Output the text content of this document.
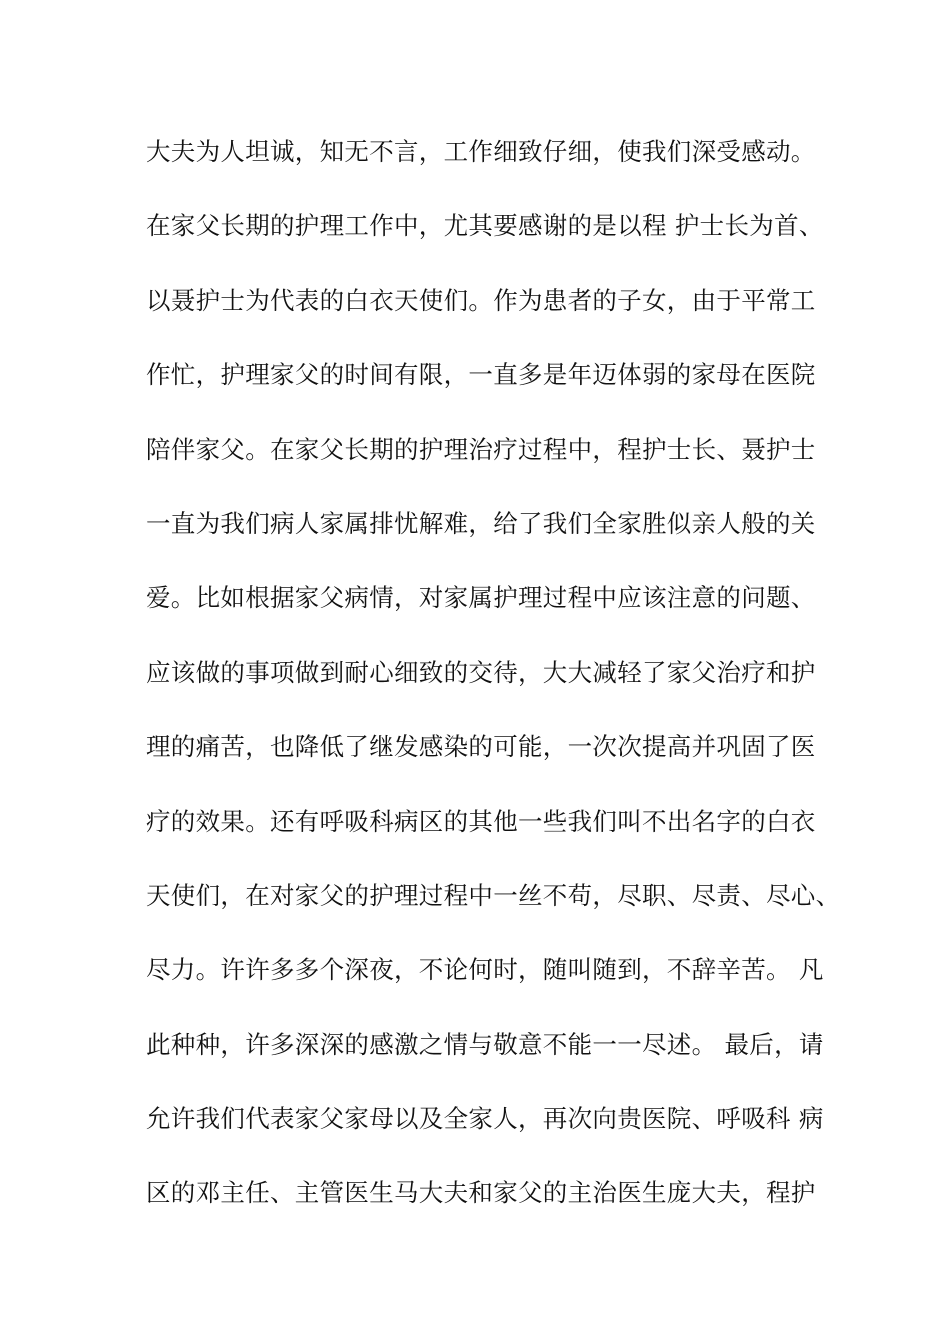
大夫为人坦诚，知无不言，工作细致仔细，使我们深受感动。
在家父长期的护理工作中，尤其要感谢的是以程 护士长为首、
以聂护士为代表的白衣天使们。作为患者的子女，由于平常工
作忙，护理家父的时间有限，一直多是年迈体弱的家母在医院
陪伴家父。在家父长期的护理治疗过程中，程护士长、聂护士
一直为我们病人家属排忧解难，给了我们全家胜似亲人般的关
爱。比如根据家父病情，对家属护理过程中应该注意的问题、
应该做的事项做到耐心细致的交待，大大减轻了家父治疗和护
理的痛苦，也降低了继发感染的可能，一次次提高并巩固了医
疗的效果。还有呼吸科病区的其他一些我们叫不出名字的白衣
天使们，在对家父的护理过程中一丝不苟，尽职、尽责、尽心、
尽力。许许多多个深夜，不论何时，随叫随到，不辞辛苦。 凡
此种种，许多深深的感激之情与敬意不能一一尽述。 最后，请
允许我们代表家父家母以及全家人，再次向贵医院、呼吸科 病
区的邓主任、主管医生马大夫和家父的主治医生庞大夫，程护
